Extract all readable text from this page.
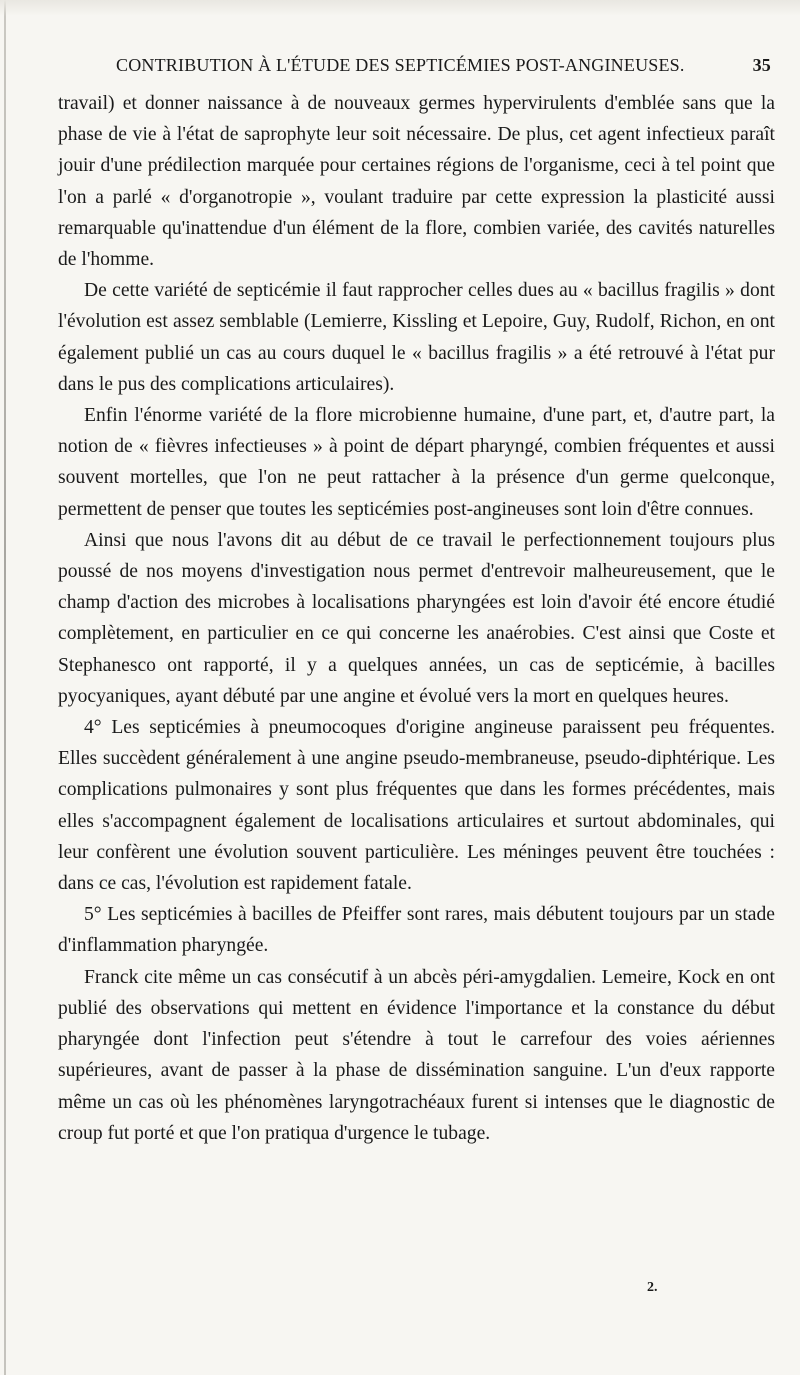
CONTRIBUTION À L'ÉTUDE DES SEPTICÉMIES POST-ANGINEUSES.	35

travail) et donner naissance à de nouveaux germes hypervirulents d'emblée sans que la phase de vie à l'état de saprophyte leur soit nécessaire. De plus, cet agent infectieux paraît jouir d'une prédilection marquée pour certaines régions de l'organisme, ceci à tel point que l'on a parlé « d'organotropie », voulant traduire par cette expression la plasticité aussi remarquable qu'inattendue d'un élément de la flore, combien variée, des cavités naturelles de l'homme.

De cette variété de septicémie il faut rapprocher celles dues au « bacillus fragilis » dont l'évolution est assez semblable (Lemierre, Kissling et Lepoire, Guy, Rudolf, Richon, en ont également publié un cas au cours duquel le « bacillus fragilis » a été retrouvé à l'état pur dans le pus des complications articulaires).

Enfin l'énorme variété de la flore microbienne humaine, d'une part, et, d'autre part, la notion de « fièvres infectieuses » à point de départ pharyngé, combien fréquentes et aussi souvent mortelles, que l'on ne peut rattacher à la présence d'un germe quelconque, permettent de penser que toutes les septicémies post-angineuses sont loin d'être connues.

Ainsi que nous l'avons dit au début de ce travail le perfectionnement toujours plus poussé de nos moyens d'investigation nous permet d'entrevoir malheureusement, que le champ d'action des microbes à localisations pharyngées est loin d'avoir été encore étudié complètement, en particulier en ce qui concerne les anaérobies. C'est ainsi que Coste et Stephanesco ont rapporté, il y a quelques années, un cas de septicémie, à bacilles pyocyaniques, ayant débuté par une angine et évolué vers la mort en quelques heures.

4° Les septicémies à pneumocoques d'origine angineuse paraissent peu fréquentes. Elles succèdent généralement à une angine pseudo-membraneuse, pseudo-diphtérique. Les complications pulmonaires y sont plus fréquentes que dans les formes précédentes, mais elles s'accompagnent également de localisations articulaires et surtout abdominales, qui leur confèrent une évolution souvent particulière. Les méninges peuvent être touchées : dans ce cas, l'évolution est rapidement fatale.

5° Les septicémies à bacilles de Pfeiffer sont rares, mais débutent toujours par un stade d'inflammation pharyngée.

Franck cite même un cas consécutif à un abcès péri-amygdalien. Lemeire, Kock en ont publié des observations qui mettent en évidence l'importance et la constance du début pharyngée dont l'infection peut s'étendre à tout le carrefour des voies aériennes supérieures, avant de passer à la phase de dissémination sanguine. L'un d'eux rapporte même un cas où les phénomènes laryngotrachéaux furent si intenses que le diagnostic de croup fut porté et que l'on pratiqua d'urgence le tubage.

2.
